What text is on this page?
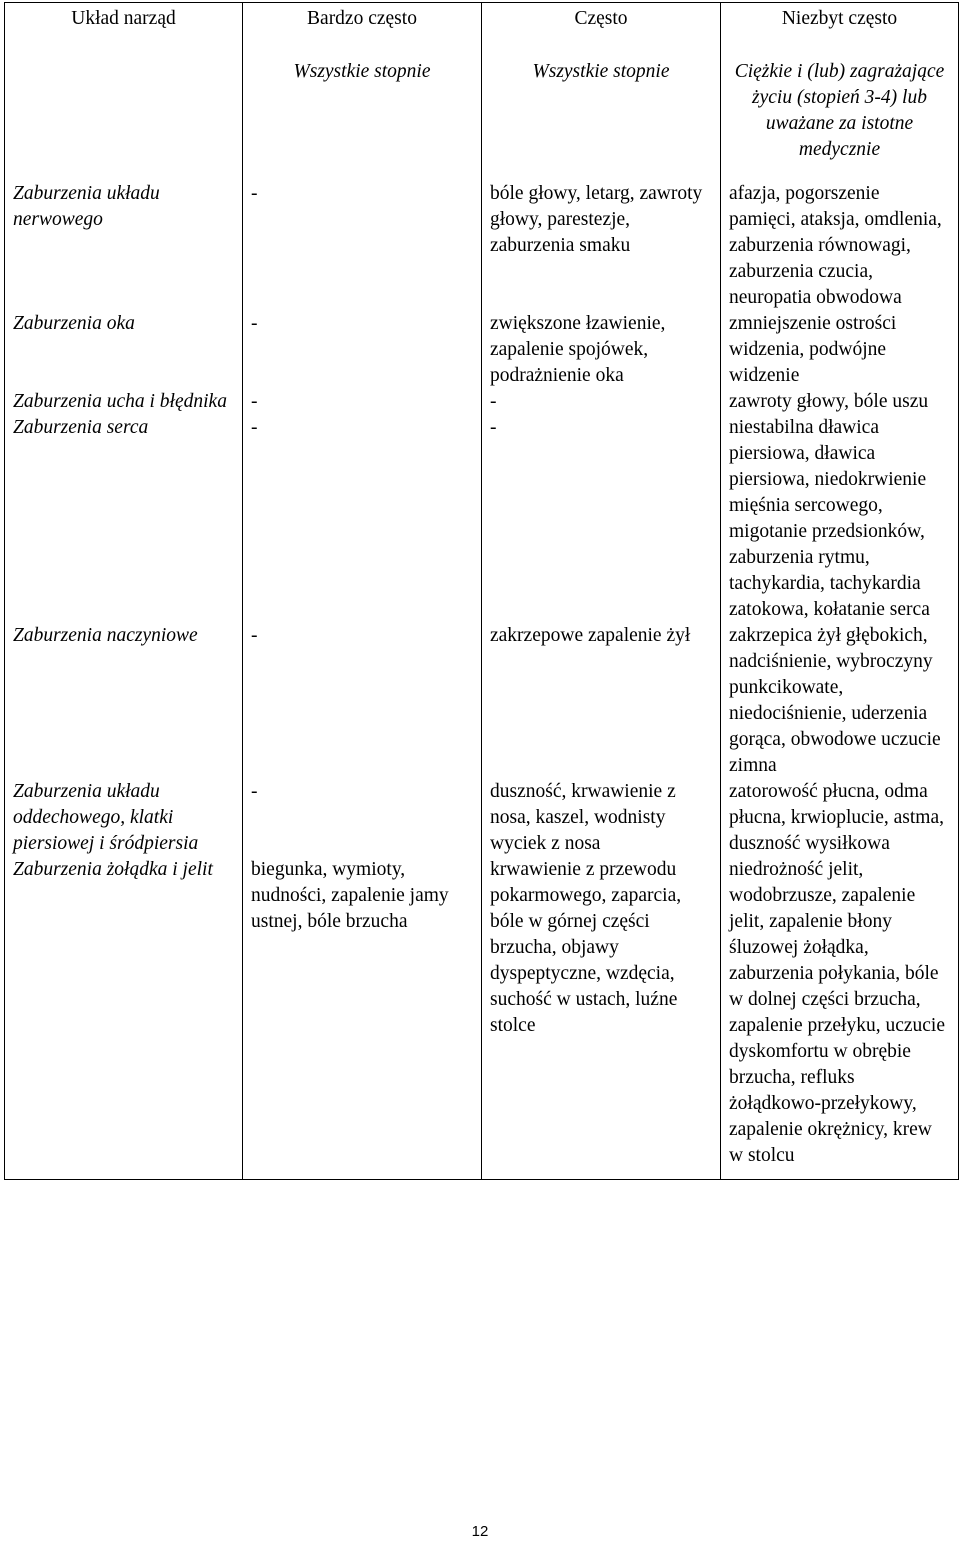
Układ narząd	Bardzo często	Często	Niezbyt często
	Wszystkie stopnie	Wszystkie stopnie	Ciężkie i (lub) zagrażające życiu (stopień 3-4) lub uważane za istotne medycznie
Zaburzenia układu nerwowego	-	bóle głowy, letarg, zawroty głowy, parestezje, zaburzenia smaku	afazja, pogorszenie pamięci, ataksja, omdlenia, zaburzenia równowagi, zaburzenia czucia, neuropatia obwodowa
Zaburzenia oka	-	zwiększone łzawienie, zapalenie spojówek, podrażnienie oka	zmniejszenie ostrości widzenia, podwójne widzenie
Zaburzenia ucha i błędnika	-	-	zawroty głowy, bóle uszu
Zaburzenia serca	-	-	niestabilna dławica piersiowa, dławica piersiowa, niedokrwienie mięśnia sercowego, migotanie przedsionków, zaburzenia rytmu, tachykardia, tachykardia zatokowa, kołatanie serca
Zaburzenia naczyniowe	-	zakrzepowe zapalenie żył	zakrzepica żył głębokich, nadciśnienie, wybroczyny punkcikowate, niedociśnienie, uderzenia gorąca, obwodowe uczucie zimna
Zaburzenia układu oddechowego, klatki piersiowej i śródpiersia	-	duszność, krwawienie z nosa, kaszel, wodnisty wyciek z nosa	zatorowość płucna, odma płucna, krwioplucie, astma, duszność wysiłkowa
Zaburzenia żołądka i jelit	biegunka, wymioty, nudności, zapalenie jamy ustnej, bóle brzucha	krwawienie z przewodu pokarmowego, zaparcia, bóle w górnej części brzucha, objawy dyspeptyczne, wzdęcia, suchość w ustach, luźne stolce	niedrożność jelit, wodobrzusze, zapalenie jelit, zapalenie błony śluzowej żołądka, zaburzenia połykania, bóle w dolnej części brzucha, zapalenie przełyku, uczucie dyskomfortu w obrębie brzucha, refluks żołądkowo-przełykowy, zapalenie okrężnicy, krew w stolcu
12
